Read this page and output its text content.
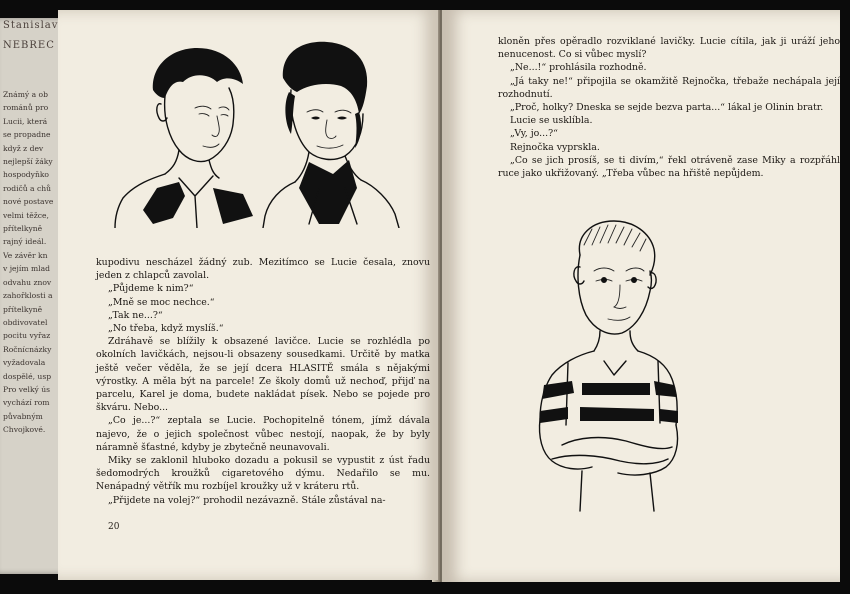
Stanislav
NEBREC
Známý a ob
románů pro
Lucii, která
se propadne
když z dev
nejlepší žáky
hospodyňko
rodičů a chů
nové postave
velmi těžce,
přítelkyně
rajný ideál.
Ve závěr kn
v jejím mlad
odvahu znov
zahořklosti a
přítelkyně
obdivovatel
pocitu vyřaz
Ročnícnázky
vyžadovala
dospělé, usp
Pro velký ús
vychází rom
půvabným
Chvojkové.

kupodivu nescházel žádný zub. Mezitímco se Lucie česala, znovu jeden z chlapců zavolal.

„Půjdeme k nim?“

„Mně se moc nechce.“

„Tak ne...?“

„No třeba, když myslíš.“

Zdráhavě se blížily k obsazené lavičce. Lucie se rozhlédla po okolních lavičkách, nejsou-li obsazeny sousedkami. Určitě by matka ještě večer věděla, že se její dcera HLASITĚ smála s nějakými výrostky. A měla být na parcele! Ze školy domů už nechoď, přijď na parcelu, Karel je doma, budete nakládat písek. Nebo se pojede pro škváru. Nebo...

„Co je...?“ zeptala se Lucie. Pochopitelně tónem, jímž dávala najevo, že o jejich společnost vůbec nestojí, naopak, že by byly náramně šťastné, kdyby je zbytečně neunavovali.

Miky se zaklonil hluboko dozadu a pokusil se vypustit z úst řadu šedomodrých kroužků cigaretového dýmu. Nedařilo se mu. Nenápadný větřík mu rozbíjel kroužky už v kráteru rtů.

„Přijdete na volej?“ prohodil nezávazně. Stále zůstával na-

20

kloněn přes opěradlo rozviklané lavičky. Lucie cítila, jak ji uráží jeho nenucenost. Co si vůbec myslí?

„Ne...!“ prohlásila rozhodně.

„Já taky ne!“ připojila se okamžitě Rejnočka, třebaže nechápala její rozhodnutí.

„Proč, holky? Dneska se sejde bezva parta...“ lákal je Olinin bratr.

Lucie se usklíbla.

„Vy, jo...?“

Rejnočka vyprskla.

„Co se jich prosíš, se ti divím,“ řekl otráveně zase Miky a rozpřáhl ruce jako ukřižovaný. „Třeba vůbec na hřiště nepůjdem.
